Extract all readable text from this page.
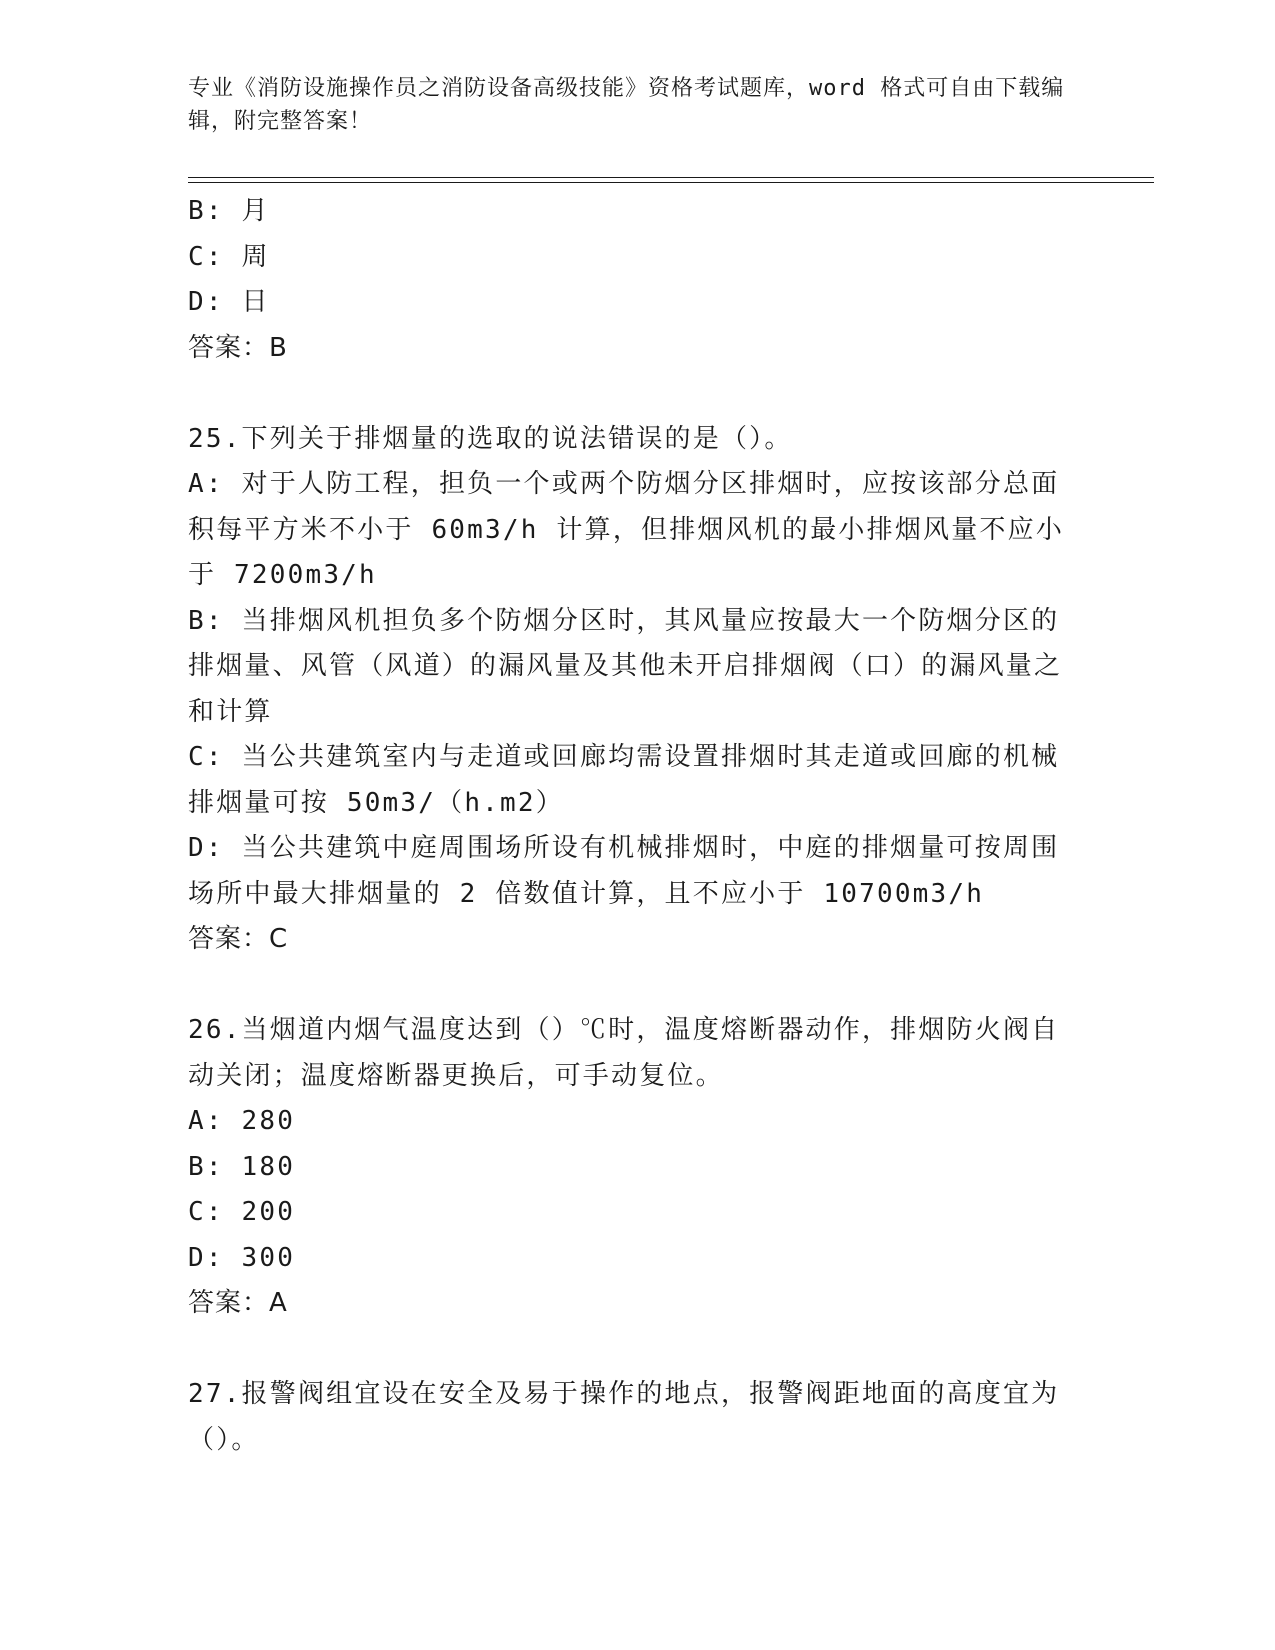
专业《消防设施操作员之消防设备高级技能》资格考试题库，word 格式可自由下载编辑，附完整答案！
B: 月
C: 周
D: 日
答案：B
25.下列关于排烟量的选取的说法错误的是（）。
A: 对于人防工程，担负一个或两个防烟分区排烟时，应按该部分总面积每平方米不小于 60m3/h 计算，但排烟风机的最小排烟风量不应小于 7200m3/h
B: 当排烟风机担负多个防烟分区时，其风量应按最大一个防烟分区的排烟量、风管（风道）的漏风量及其他未开启排烟阀（口）的漏风量之和计算
C: 当公共建筑室内与走道或回廊均需设置排烟时其走道或回廊的机械排烟量可按 50m3/（h.m2）
D: 当公共建筑中庭周围场所设有机械排烟时，中庭的排烟量可按周围场所中最大排烟量的 2 倍数值计算，且不应小于 10700m3/h
答案：C
26.当烟道内烟气温度达到（）℃时，温度熔断器动作，排烟防火阀自动关闭；温度熔断器更换后，可手动复位。
A: 280
B: 180
C: 200
D: 300
答案：A
27.报警阀组宜设在安全及易于操作的地点，报警阀距地面的高度宜为（）。
